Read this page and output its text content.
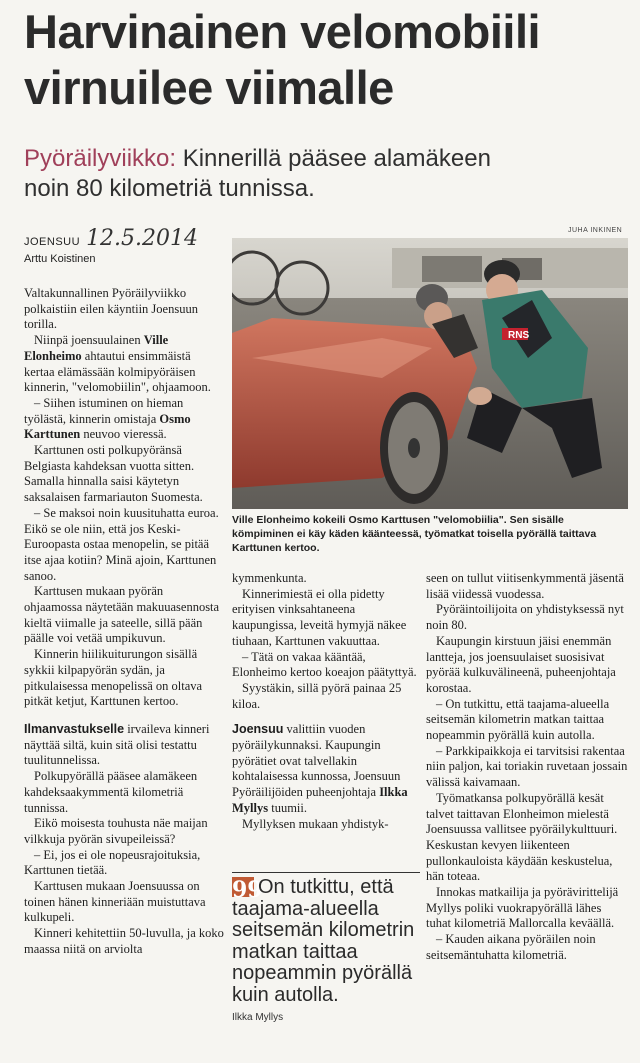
Harvinainen velomobiili
virnuilee viimalle
Pyöräilyviikko: Kinnerillä pääsee alamäkeen
noin 80 kilometriä tunnissa.
JOENSUU 12.5.2014
Arttu Koistinen
JUHA INKINEN
RNS
Ville Elonheimo kokeili Osmo Karttusen "velomobiilia". Sen sisälle kömpiminen ei käy käden käänteessä, työmatkat toisella pyörällä taittava Karttunen kertoo.

Valtakunnallinen Pyöräilyviikko polkaistiin eilen käyntiin Joensuun torilla.

Niinpä joensuulainen Ville Elonheimo ahtautui ensimmäistä kertaa elämässään kolmipyöräisen kinnerin, "velomobiilin", ohjaamoon.

– Siihen istuminen on hieman työlästä, kinnerin omistaja Osmo Karttunen neuvoo vieressä.

Karttunen osti polkupyöränsä Belgiasta kahdeksan vuotta sitten. Samalla hinnalla saisi käytetyn saksalaisen farmariauton Suomesta.

– Se maksoi noin kuusituhatta euroa. Eikö se ole niin, että jos Keski-Euroopasta ostaa menopelin, se pitää itse ajaa kotiin? Minä ajoin, Karttunen sanoo.

Karttusen mukaan pyörän ohjaamossa näytetään makuuasennosta kieltä viimalle ja sateelle, sillä pään päälle voi vetää umpikuvun.

Kinnerin hiilikuiturungon sisällä sykkii kilpapyörän sydän, ja pitkulaisessa menopelissä on oltava pitkät ketjut, Karttunen kertoo.

Ilmanvastukselle irvaileva kinneri näyttää siltä, kuin sitä olisi testattu tuulitunnelissa.

Polkupyörällä pääsee alamäkeen kahdeksaakymmentä kilometriä tunnissa.

Eikö moisesta touhusta näe maijan vilkkuja pyörän sivupeileissä?

– Ei, jos ei ole nopeusrajoituksia, Karttunen tietää.

Karttusen mukaan Joensuussa on toinen hänen kinneriään muistuttava kulkupeli.

Kinneri kehitettiin 50-luvulla, ja koko maassa niitä on arviolta

kymmenkunta.

Kinnerimiestä ei olla pidetty erityisen vinksahtaneena kaupungissa, leveitä hymyjä näkee tiuhaan, Karttunen vakuuttaa.

– Tätä on vakaa kääntää, Elonheimo kertoo koeajon päätyttyä.

Syystäkin, sillä pyörä painaa 25 kiloa.

Joensuu valittiin vuoden pyöräilykunnaksi. Kaupungin pyörätiet ovat talvellakin kohtalaisessa kunnossa, Joensuun Pyöräilijöiden puheenjohtaja Ilkka Myllys tuumii.

Myllyksen mukaan yhdistyk-

99On tutkittu, että taajama-alueella seitsemän kilometrin matkan taittaa nopeammin pyörällä kuin autolla.
Ilkka Myllys

seen on tullut viitisenkymmentä jäsentä lisää viidessä vuodessa.

Pyöräintoilijoita on yhdistyksessä nyt noin 80.

Kaupungin kirstuun jäisi enemmän lantteja, jos joensuulaiset suosisivat pyörää kulkuvälineenä, puheenjohtaja korostaa.

– On tutkittu, että taajama-alueella seitsemän kilometrin matkan taittaa nopeammin pyörällä kuin autolla.

– Parkkipaikkoja ei tarvitsisi rakentaa niin paljon, kai toriakin ruvetaan jossain välissä kaivamaan.

Työmatkansa polkupyörällä kesät talvet taittavan Elonheimon mielestä Joensuussa vallitsee pyöräilykulttuuri. Keskustan kevyen liikenteen pullonkauloista käydään keskustelua, hän toteaa.

Innokas matkailija ja pyörävirittelijä Myllys poliki vuokrapyörällä lähes tuhat kilometriä Mallorcalla keväällä.

– Kauden aikana pyöräilen noin seitsemäntuhatta kilometriä.
